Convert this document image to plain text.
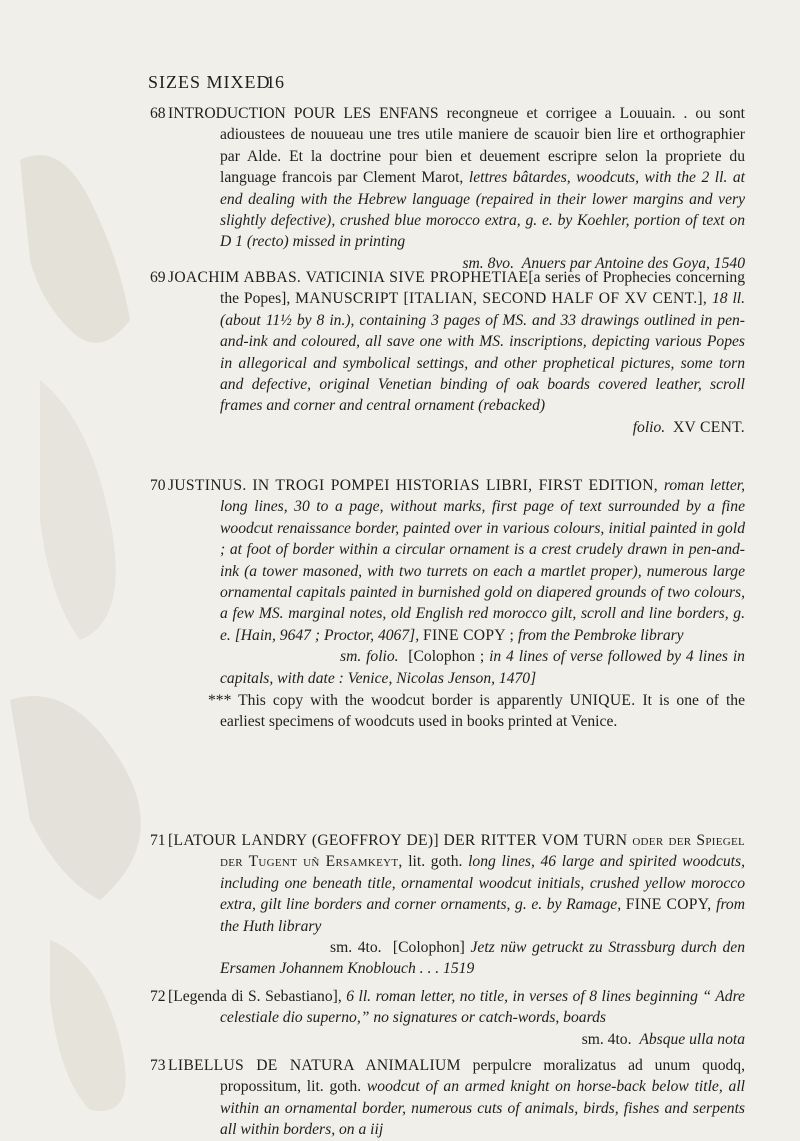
SIZES MIXED
16
68 INTRODUCTION POUR LES ENFANS recongneue et corrigee a Louuain. . ou sont adioustees de nouueau une tres utile maniere de scauoir bien lire et orthographier par Alde. Et la doctrine pour bien et deuement escripre selon la propriete du language francois par Clement Marot, lettres bâtardes, woodcuts, with the 2 ll. at end dealing with the Hebrew language (repaired in their lower margins and very slightly defective), crushed blue morocco extra, g. e. by Koehler, portion of text on D 1 (recto) missed in printing
sm. 8vo. Anuers par Antoine des Goya, 1540

69 JOACHIM ABBAS. VATICINIA SIVE PROPHETIAE[a series of Prophecies concerning the Popes], MANUSCRIPT [ITALIAN, SECOND HALF OF XV CENT.], 18 ll. (about 11½ by 8 in.), containing 3 pages of MS. and 33 drawings outlined in pen-and-ink and coloured, all save one with MS. inscriptions, depicting various Popes in allegorical and symbolical settings, and other prophetical pictures, some torn and defective, original Venetian binding of oak boards covered leather, scroll frames and corner and central ornament (rebacked)
folio. XV CENT.

70 JUSTINUS. IN TROGI POMPEI HISTORIAS LIBRI, FIRST EDITION, roman letter, long lines, 30 to a page, without marks, first page of text surrounded by a fine woodcut renaissance border, painted over in various colours, initial painted in gold ; at foot of border within a circular ornament is a crest crudely drawn in pen-and-ink (a tower masoned, with two turrets on each a martlet proper), numerous large ornamental capitals painted in burnished gold on diapered grounds of two colours, a few MS. marginal notes, old English red morocco gilt, scroll and line borders, g. e. [Hain, 9647 ; Proctor, 4067], FINE COPY ; from the Pembroke library
sm. folio. [Colophon ; in 4 lines of verse followed by 4 lines in capitals, with date : Venice, Nicolas Jenson, 1470]

*** This copy with the woodcut border is apparently UNIQUE. It is one of the earliest specimens of woodcuts used in books printed at Venice.

71 [LATOUR LANDRY (GEOFFROY DE)] DER RITTER VOM TURN oder der Spiegel der Tugent uñ Ersamkeyt, lit. goth. long lines, 46 large and spirited woodcuts, including one beneath title, ornamental woodcut initials, crushed yellow morocco extra, gilt line borders and corner ornaments, g. e. by Ramage, FINE COPY, from the Huth library
sm. 4to. [Colophon] Jetz nüw getruckt zu Strassburg durch den Ersamen Johannem Knoblouch . . . 1519

72 [Legenda di S. Sebastiano], 6 ll. roman letter, no title, in verses of 8 lines beginning “ Adre celestiale dio superno,” no signatures or catch-words, boards
sm. 4to. Absque ulla nota

73 LIBELLUS DE NATURA ANIMALIUM perpulcre moralizatus ad unum quodq, propossitum, lit. goth. woodcut of an armed knight on horse-back below title, all within an ornamental border, numerous cuts of animals, birds, fishes and serpents all within borders, on a iij
